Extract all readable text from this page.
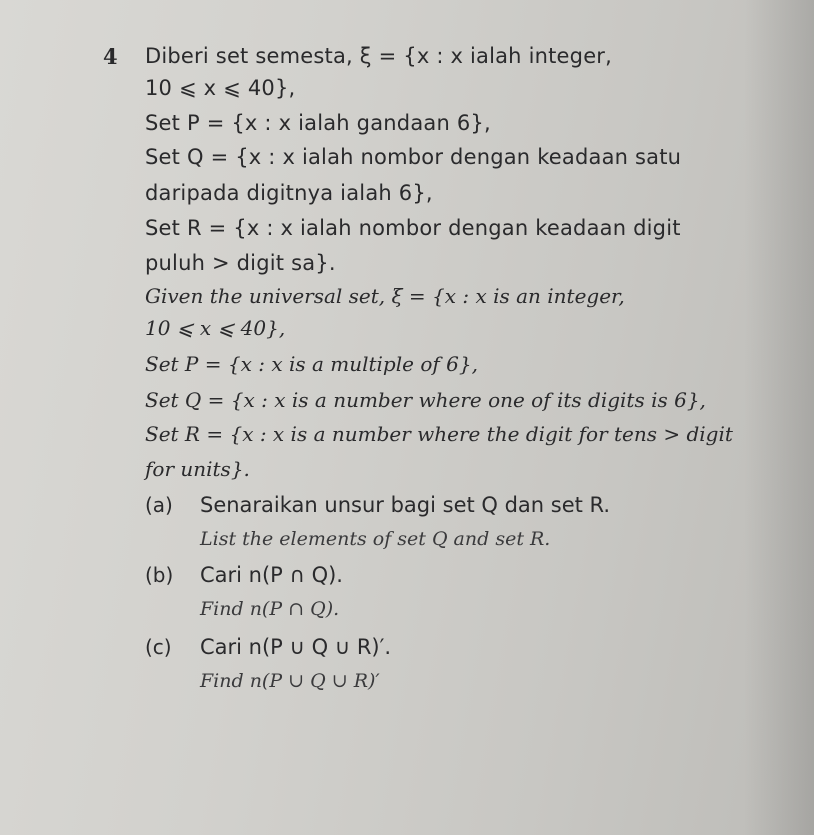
4 Diberi set semesta, ξ = {x : x ialah integer,
10 ⩽ x ⩽ 40},
Set P = {x : x ialah gandaan 6},
Set Q = {x : x ialah nombor dengan keadaan satu
daripada digitnya ialah 6},
Set R = {x : x ialah nombor dengan keadaan digit
puluh > digit sa}.
Given the universal set, ξ = {x : x is an integer,
10 ⩽ x ⩽ 40},
Set P = {x : x is a multiple of 6},
Set Q = {x : x is a number where one of its digits is 6},
Set R = {x : x is a number where the digit for tens > digit
for units}.
(a) Senaraikan unsur bagi set Q dan set R.
List the elements of set Q and set R.
(b) Cari n(P ∩ Q).
Find n(P ∩ Q).
(c) Cari n(P ∪ Q ∪ R)′.
Find n(P ∪ Q ∪ R)′
